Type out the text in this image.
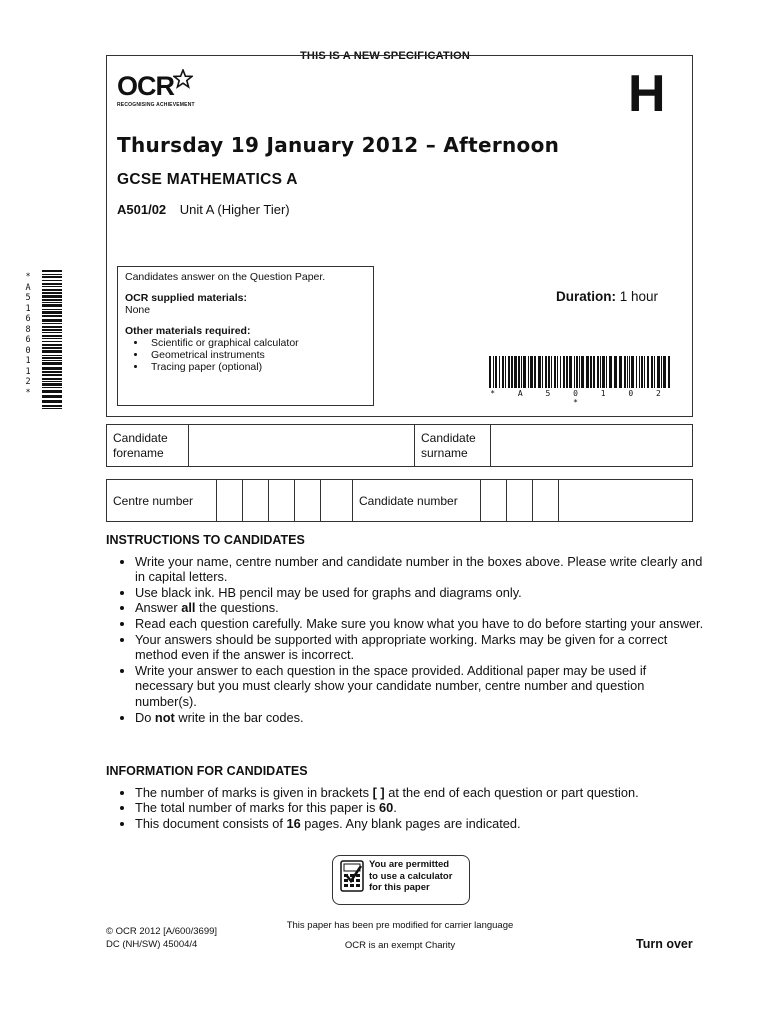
THIS IS A NEW SPECIFICATION
OCR
RECOGNISING ACHIEVEMENT	H
Thursday 19 January 2012 – Afternoon
GCSE MATHEMATICS A
A501/02 Unit A (Higher Tier)
Candidates answer on the Question Paper.
OCR supplied materials:
None
Other materials required:
• Scientific or graphical calculator
• Geometrical instruments
• Tracing paper (optional)
Duration: 1 hour
* A 5 0 1 0 2 *
*
A
5
1
6
8
6
0
1
1
2
*
Candidate
forename

Candidate
surname

Centre number						Candidate number				
INSTRUCTIONS TO CANDIDATES
• Write your name, centre number and candidate number in the boxes above. Please write clearly and in capital letters.
• Use black ink. HB pencil may be used for graphs and diagrams only.
• Answer all the questions.
• Read each question carefully. Make sure you know what you have to do before starting your answer.
• Your answers should be supported with appropriate working. Marks may be given for a correct method even if the answer is incorrect.
• Write your answer to each question in the space provided. Additional paper may be used if necessary but you must clearly show your candidate number, centre number and question number(s).
• Do not write in the bar codes.
INFORMATION FOR CANDIDATES
• The number of marks is given in brackets [ ] at the end of each question or part question.
• The total number of marks for this paper is 60.
• This document consists of 16 pages. Any blank pages are indicated.
You are permitted
to use a calculator
for this paper
© OCR 2012 [A/600/3699]
DC (NH/SW) 45004/4
This paper has been pre modified for carrier language
OCR is an exempt Charity	Turn over
